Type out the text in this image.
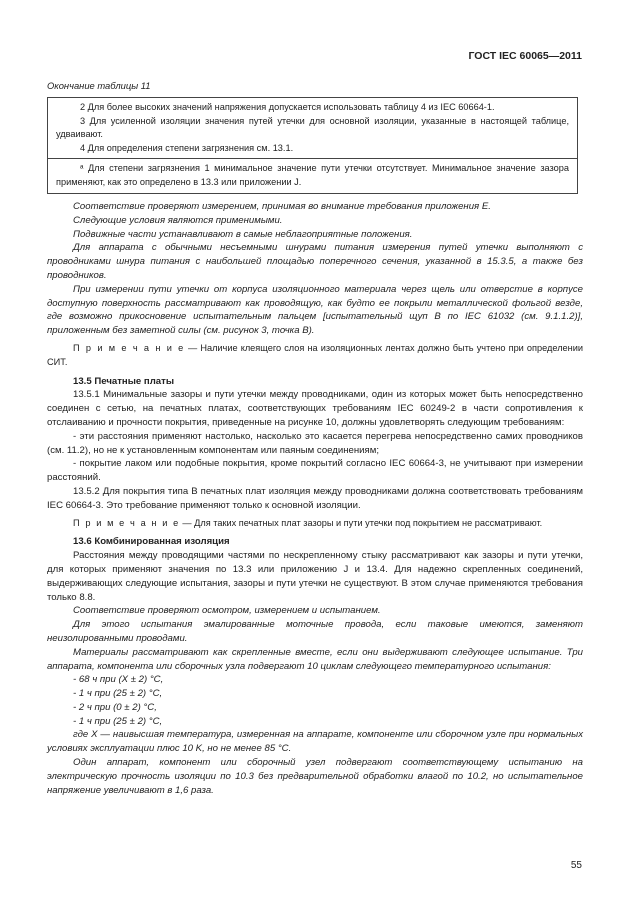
ГОСТ IEC 60065—2011
Окончание таблицы 11

2 Для более высоких значений напряжения допускается использовать таблицу 4 из IEC 60664-1.

3 Для усиленной изоляции значения путей утечки для основной изоляции, указанные в настоящей таблице, удваивают.

4 Для определения степени загрязнения см. 13.1.

ᵃ Для степени загрязнения 1 минимальное значение пути утечки отсутствует. Минимальное значение зазора применяют, как это определено в 13.3 или приложении J.

Соответствие проверяют измерением, принимая во внимание требования приложения Е.

Следующие условия являются применимыми.

Подвижные части устанавливают в самые неблагоприятные положения.

Для аппарата с обычными несъемными шнурами питания измерения путей утечки выполняют с проводниками шнура питания с наибольшей площадью поперечного сечения, указанной в 15.3.5, а также без проводников.

При измерении пути утечки от корпуса изоляционного материала через щель или отверстие в корпусе доступную поверхность рассматривают как проводящую, как будто ее покрыли металлической фольгой везде, где возможно прикосновение испытательным пальцем [испытательный щуп В по IEC 61032 (см. 9.1.1.2)], приложенным без заметной силы (см. рисунок 3, точка В).

П р и м е ч а н и е — Наличие клеящего слоя на изоляционных лентах должно быть учтено при определении СИТ.

13.5 Печатные платы

13.5.1 Минимальные зазоры и пути утечки между проводниками, один из которых может быть непосредственно соединен с сетью, на печатных платах, соответствующих требованиям IEC 60249-2 в части сопротивления к отслаиванию и прочности покрытия, приведенные на рисунке 10, должны удовлетворять следующим требованиям:

- эти расстояния применяют настолько, насколько это касается перегрева непосредственно самих проводников (см. 11.2), но не к установленным компонентам или паяным соединениям;

- покрытие лаком или подобные покрытия, кроме покрытий согласно IEC 60664-3, не учитывают при измерении расстояний.

13.5.2 Для покрытия типа В печатных плат изоляция между проводниками должна соответствовать требованиям IEC 60664-3. Это требование применяют только к основной изоляции.

П р и м е ч а н и е — Для таких печатных плат зазоры и пути утечки под покрытием не рассматривают.

13.6 Комбинированная изоляция

Расстояния между проводящими частями по нескрепленному стыку рассматривают как зазоры и пути утечки, для которых применяют значения по 13.3 или приложению J и 13.4. Для надежно скрепленных соединений, выдерживающих следующие испытания, зазоры и пути утечки не существуют. В этом случае применяются требования только 8.8.

Соответствие проверяют осмотром, измерением и испытанием.

Для этого испытания эмалированные моточные провода, если таковые имеются, заменяют неизолированными проводами.

Материалы рассматривают как скрепленные вместе, если они выдерживают следующее испытание. Три аппарата, компонента или сборочных узла подвергают 10 циклам следующего температурного испытания:

- 68 ч при (X ± 2) °С,

- 1 ч при (25 ± 2) °С,

- 2 ч при (0 ± 2) °С,

- 1 ч при (25 ± 2) °С,

где X — наивысшая температура, измеренная на аппарате, компоненте или сборочном узле при нормальных условиях эксплуатации плюс 10 K, но не менее 85 °С.

Один аппарат, компонент или сборочный узел подвергают соответствующему испытанию на электрическую прочность изоляции по 10.3 без предварительной обработки влагой по 10.2, но испытательное напряжение увеличивают в 1,6 раза.

55
